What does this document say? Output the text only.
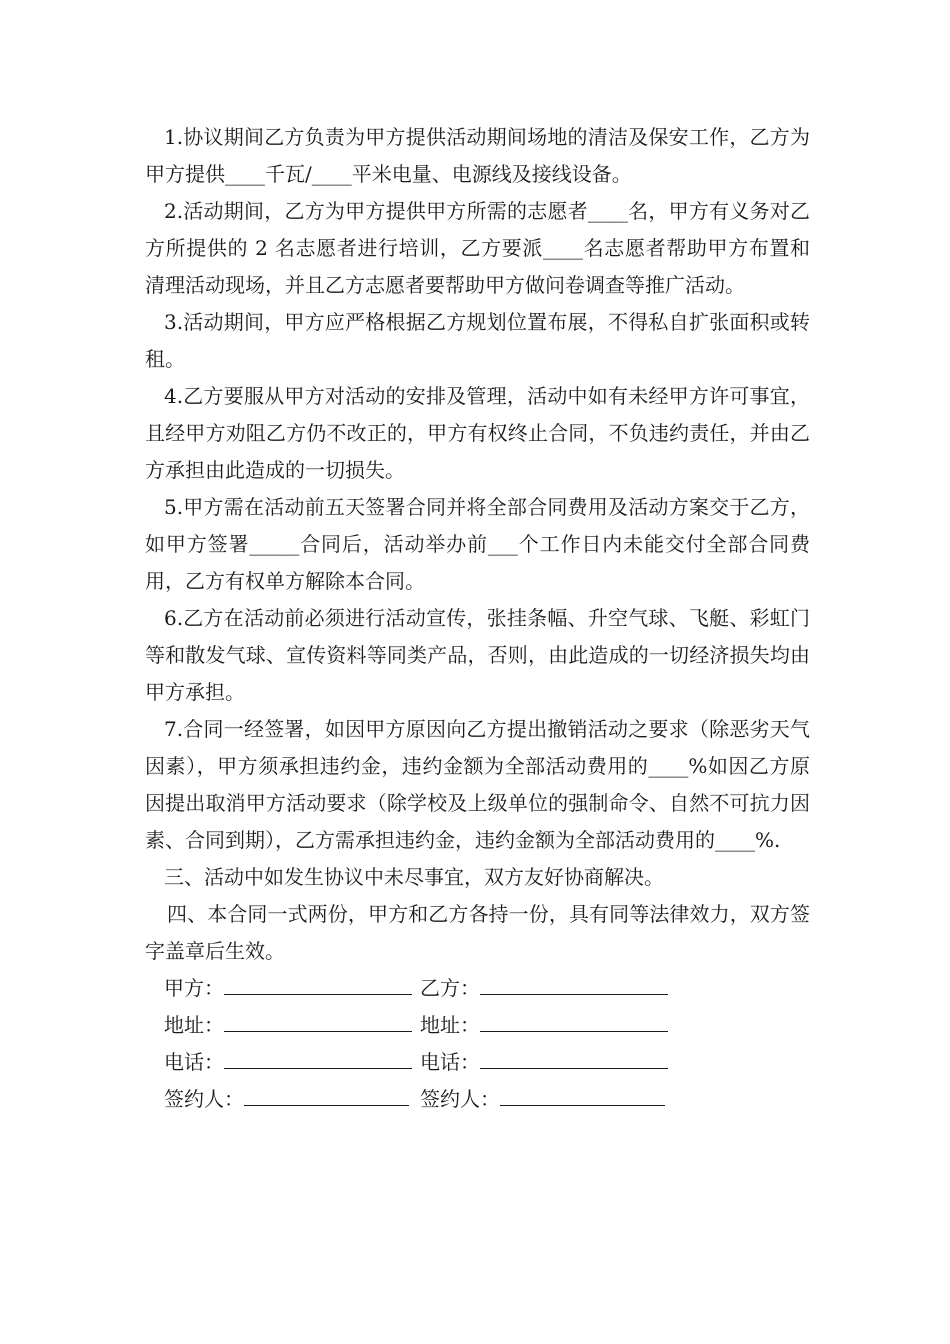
1.协议期间乙方负责为甲方提供活动期间场地的清洁及保安工作，乙方为甲方提供____千瓦/____平米电量、电源线及接线设备。

2.活动期间，乙方为甲方提供甲方所需的志愿者____名，甲方有义务对乙方所提供的 2 名志愿者进行培训，乙方要派____名志愿者帮助甲方布置和清理活动现场，并且乙方志愿者要帮助甲方做问卷调查等推广活动。

3.活动期间，甲方应严格根据乙方规划位置布展，不得私自扩张面积或转租。

4.乙方要服从甲方对活动的安排及管理，活动中如有未经甲方许可事宜，且经甲方劝阻乙方仍不改正的，甲方有权终止合同，不负违约责任，并由乙方承担由此造成的一切损失。

5.甲方需在活动前五天签署合同并将全部合同费用及活动方案交于乙方，如甲方签署_____合同后，活动举办前___个工作日内未能交付全部合同费用，乙方有权单方解除本合同。

6.乙方在活动前必须进行活动宣传，张挂条幅、升空气球、飞艇、彩虹门等和散发气球、宣传资料等同类产品，否则，由此造成的一切经济损失均由甲方承担。

7.合同一经签署，如因甲方原因向乙方提出撤销活动之要求（除恶劣天气因素），甲方须承担违约金，违约金额为全部活动费用的____%如因乙方原因提出取消甲方活动要求（除学校及上级单位的强制命令、自然不可抗力因素、合同到期），乙方需承担违约金，违约金额为全部活动费用的____%.

三、活动中如发生协议中未尽事宜，双方友好协商解决。

四、本合同一式两份，甲方和乙方各持一份，具有同等法律效力，双方签字盖章后生效。

甲方：	乙方：
地址：	地址：
电话：	电话：
签约人：	签约人：
